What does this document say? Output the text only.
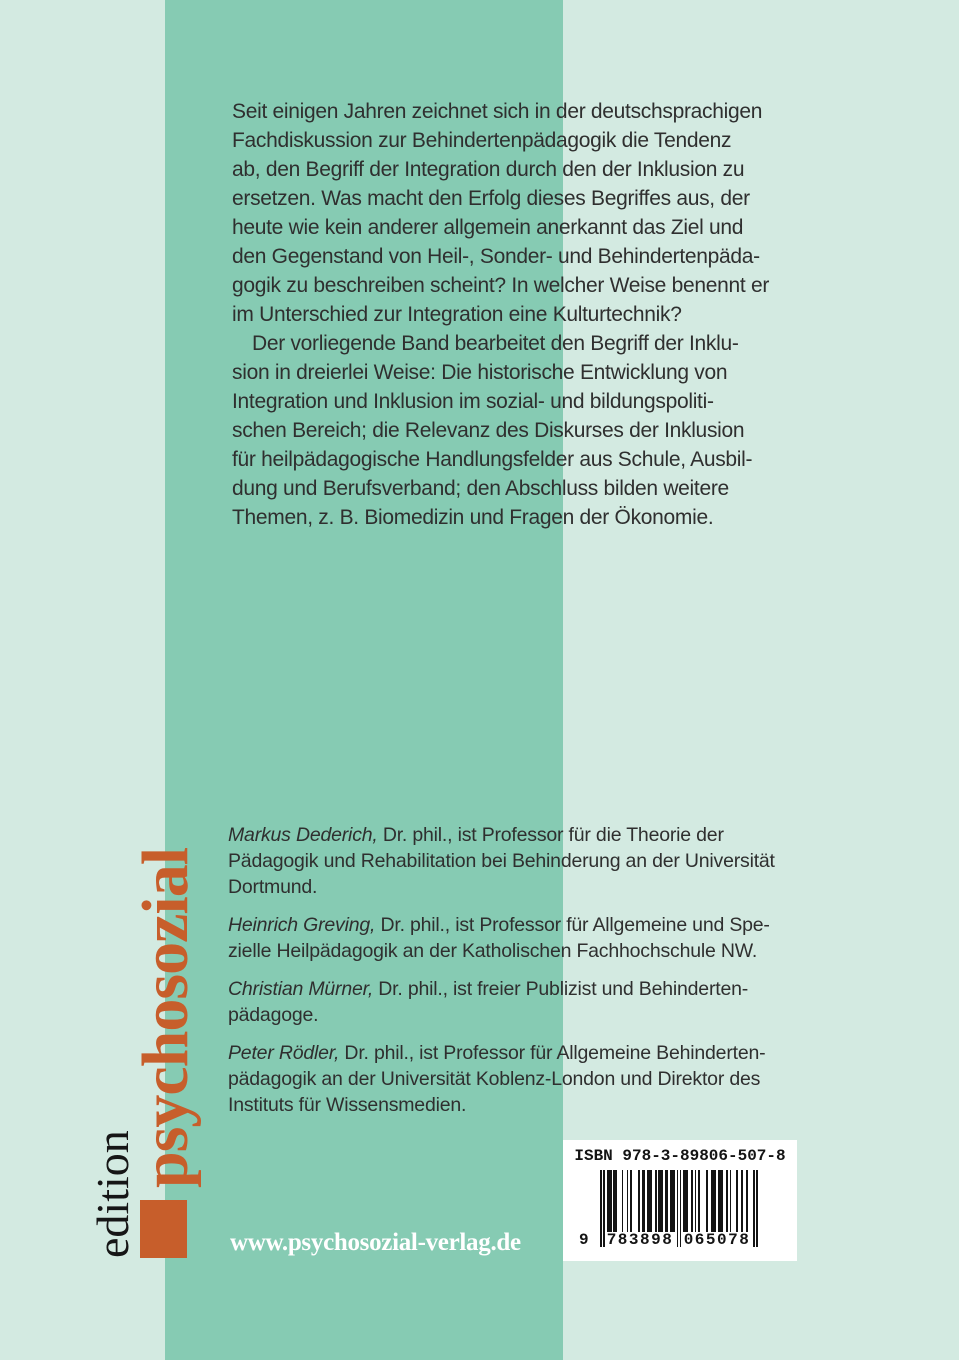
Seit einigen Jahren zeichnet sich in der deutschsprachigen
Fachdiskussion zur Behindertenpädagogik die Tendenz
ab, den Begriff der Integration durch den der Inklusion zu
ersetzen. Was macht den Erfolg dieses Begriffes aus, der
heute wie kein anderer allgemein anerkannt das Ziel und
den Gegenstand von Heil-, Sonder- und Behindertenpäda-
gogik zu beschreiben scheint? In welcher Weise benennt er
im Unterschied zur Integration eine Kulturtechnik?
Der vorliegende Band bearbeitet den Begriff der Inklu-
sion in dreierlei Weise: Die historische Entwicklung von
Integration und Inklusion im sozial- und bildungspoliti-
schen Bereich; die Relevanz des Diskurses der Inklusion
für heilpädagogische Handlungsfelder aus Schule, Ausbil-
dung und Berufsverband; den Abschluss bilden weitere
Themen, z. B. Biomedizin und Fragen der Ökonomie.
Markus Dederich, Dr. phil., ist Professor für die Theorie der
Pädagogik und Rehabilitation bei Behinderung an der Universität
Dortmund.
Heinrich Greving, Dr. phil., ist Professor für Allgemeine und Spe-
zielle Heilpädagogik an der Katholischen Fachhochschule NW.
Christian Mürner, Dr. phil., ist freier Publizist und Behinderten-
pädagoge.
Peter Rödler, Dr. phil., ist Professor für Allgemeine Behinderten-
pädagogik an der Universität Koblenz-London und Direktor des
Instituts für Wissensmedien.
psychosozial
edition	www.psychosozial-verlag.de
ISBN 978-3-89806-507-8
9 783898 065078
